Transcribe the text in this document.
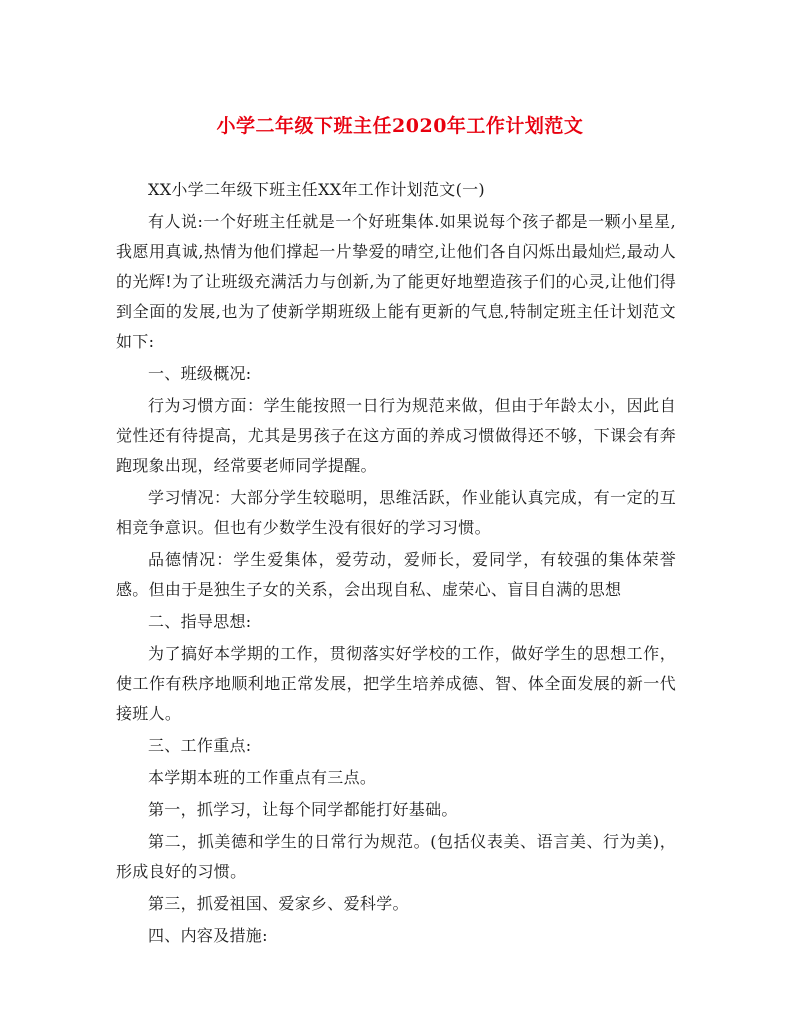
小学二年级下班主任2020年工作计划范文

XX小学二年级下班主任XX年工作计划范文(一)

有人说:一个好班主任就是一个好班集体.如果说每个孩子都是一颗小星星,我愿用真诚,热情为他们撑起一片挚爱的晴空,让他们各自闪烁出最灿烂,最动人的光辉!为了让班级充满活力与创新,为了能更好地塑造孩子们的心灵,让他们得到全面的发展,也为了使新学期班级上能有更新的气息,特制定班主任计划范文如下:

一、班级概况:

行为习惯方面：学生能按照一日行为规范来做，但由于年龄太小，因此自觉性还有待提高，尤其是男孩子在这方面的养成习惯做得还不够，下课会有奔跑现象出现，经常要老师同学提醒。

学习情况：大部分学生较聪明，思维活跃，作业能认真完成，有一定的互相竞争意识。但也有少数学生没有很好的学习习惯。

品德情况：学生爱集体，爱劳动，爱师长，爱同学，有较强的集体荣誉感。但由于是独生子女的关系，会出现自私、虚荣心、盲目自满的思想

二、指导思想:

为了搞好本学期的工作，贯彻落实好学校的工作，做好学生的思想工作，使工作有秩序地顺利地正常发展，把学生培养成德、智、体全面发展的新一代接班人。

三、工作重点:

本学期本班的工作重点有三点。

第一，抓学习，让每个同学都能打好基础。

第二，抓美德和学生的日常行为规范。(包括仪表美、语言美、行为美)，形成良好的习惯。

第三，抓爱祖国、爱家乡、爱科学。

四、内容及措施:
